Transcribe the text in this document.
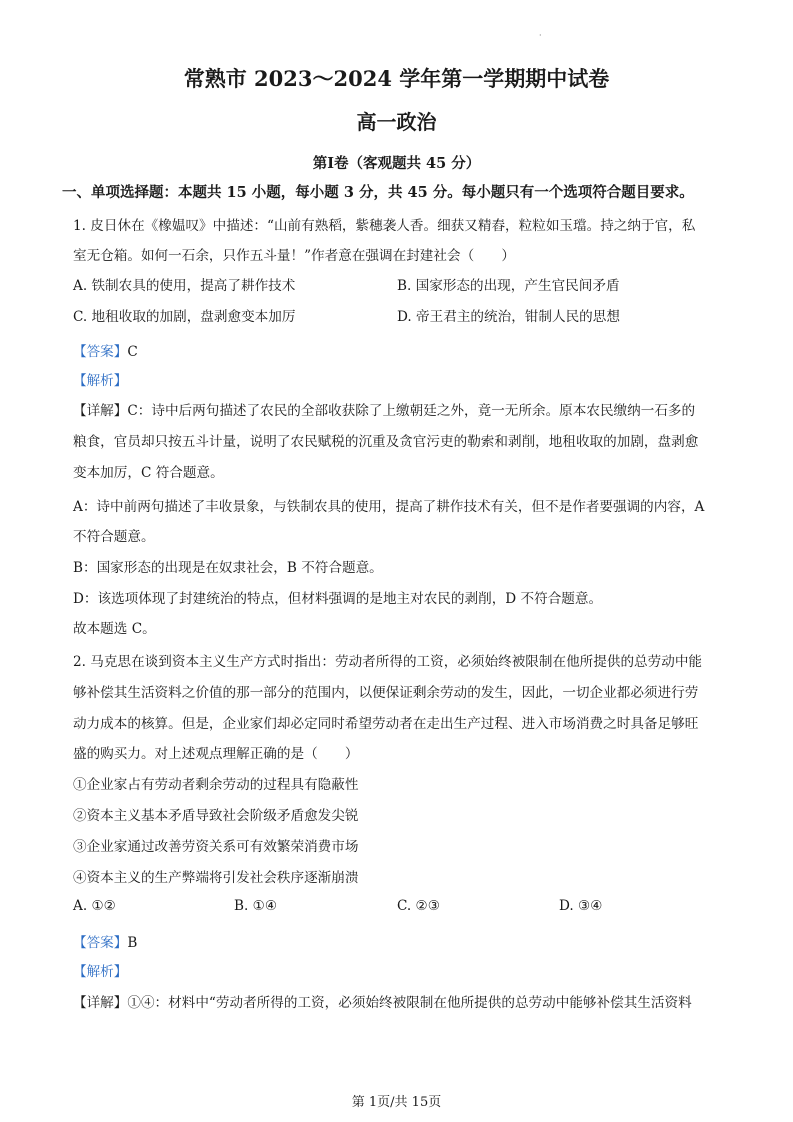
·
常熟市 2023～2024 学年第一学期期中试卷
高一政治
第Ⅰ卷（客观题共 45 分）
一、单项选择题：本题共 15 小题，每小题 3 分，共 45 分。每小题只有一个选项符合题目要求。
1. 皮日休在《橡媪叹》中描述：“山前有熟稻，紫穗袭人香。细获又精舂，粒粒如玉璫。持之纳于官，私
室无仓箱。如何一石余，只作五斗量！”作者意在强调在封建社会（　　）
A. 铁制农具的使用，提高了耕作技术	B. 国家形态的出现，产生官民间矛盾
C. 地租收取的加剧，盘剥愈变本加厉	D. 帝王君主的统治，钳制人民的思想
【答案】C
【解析】
【详解】C：诗中后两句描述了农民的全部收获除了上缴朝廷之外，竟一无所余。原本农民缴纳一石多的
粮食，官员却只按五斗计量，说明了农民赋税的沉重及贪官污吏的勒索和剥削，地租收取的加剧，盘剥愈
变本加厉，C 符合题意。
A：诗中前两句描述了丰收景象，与铁制农具的使用，提高了耕作技术有关，但不是作者要强调的内容，A
不符合题意。
B：国家形态的出现是在奴隶社会，B 不符合题意。
D：该选项体现了封建统治的特点，但材料强调的是地主对农民的剥削，D 不符合题意。
故本题选 C。
2. 马克思在谈到资本主义生产方式时指出：劳动者所得的工资，必须始终被限制在他所提供的总劳动中能
够补偿其生活资料之价值的那一部分的范围内，以便保证剩余劳动的发生，因此，一切企业都必须进行劳
动力成本的核算。但是，企业家们却必定同时希望劳动者在走出生产过程、进入市场消费之时具备足够旺
盛的购买力。对上述观点理解正确的是（　　）
①企业家占有劳动者剩余劳动的过程具有隐蔽性
②资本主义基本矛盾导致社会阶级矛盾愈发尖锐
③企业家通过改善劳资关系可有效繁荣消费市场
④资本主义的生产弊端将引发社会秩序逐渐崩溃
A. ①②	B. ①④	C. ②③	D. ③④
【答案】B
【解析】
【详解】①④：材料中“劳动者所得的工资，必须始终被限制在他所提供的总劳动中能够补偿其生活资料
第 1页/共 15页
